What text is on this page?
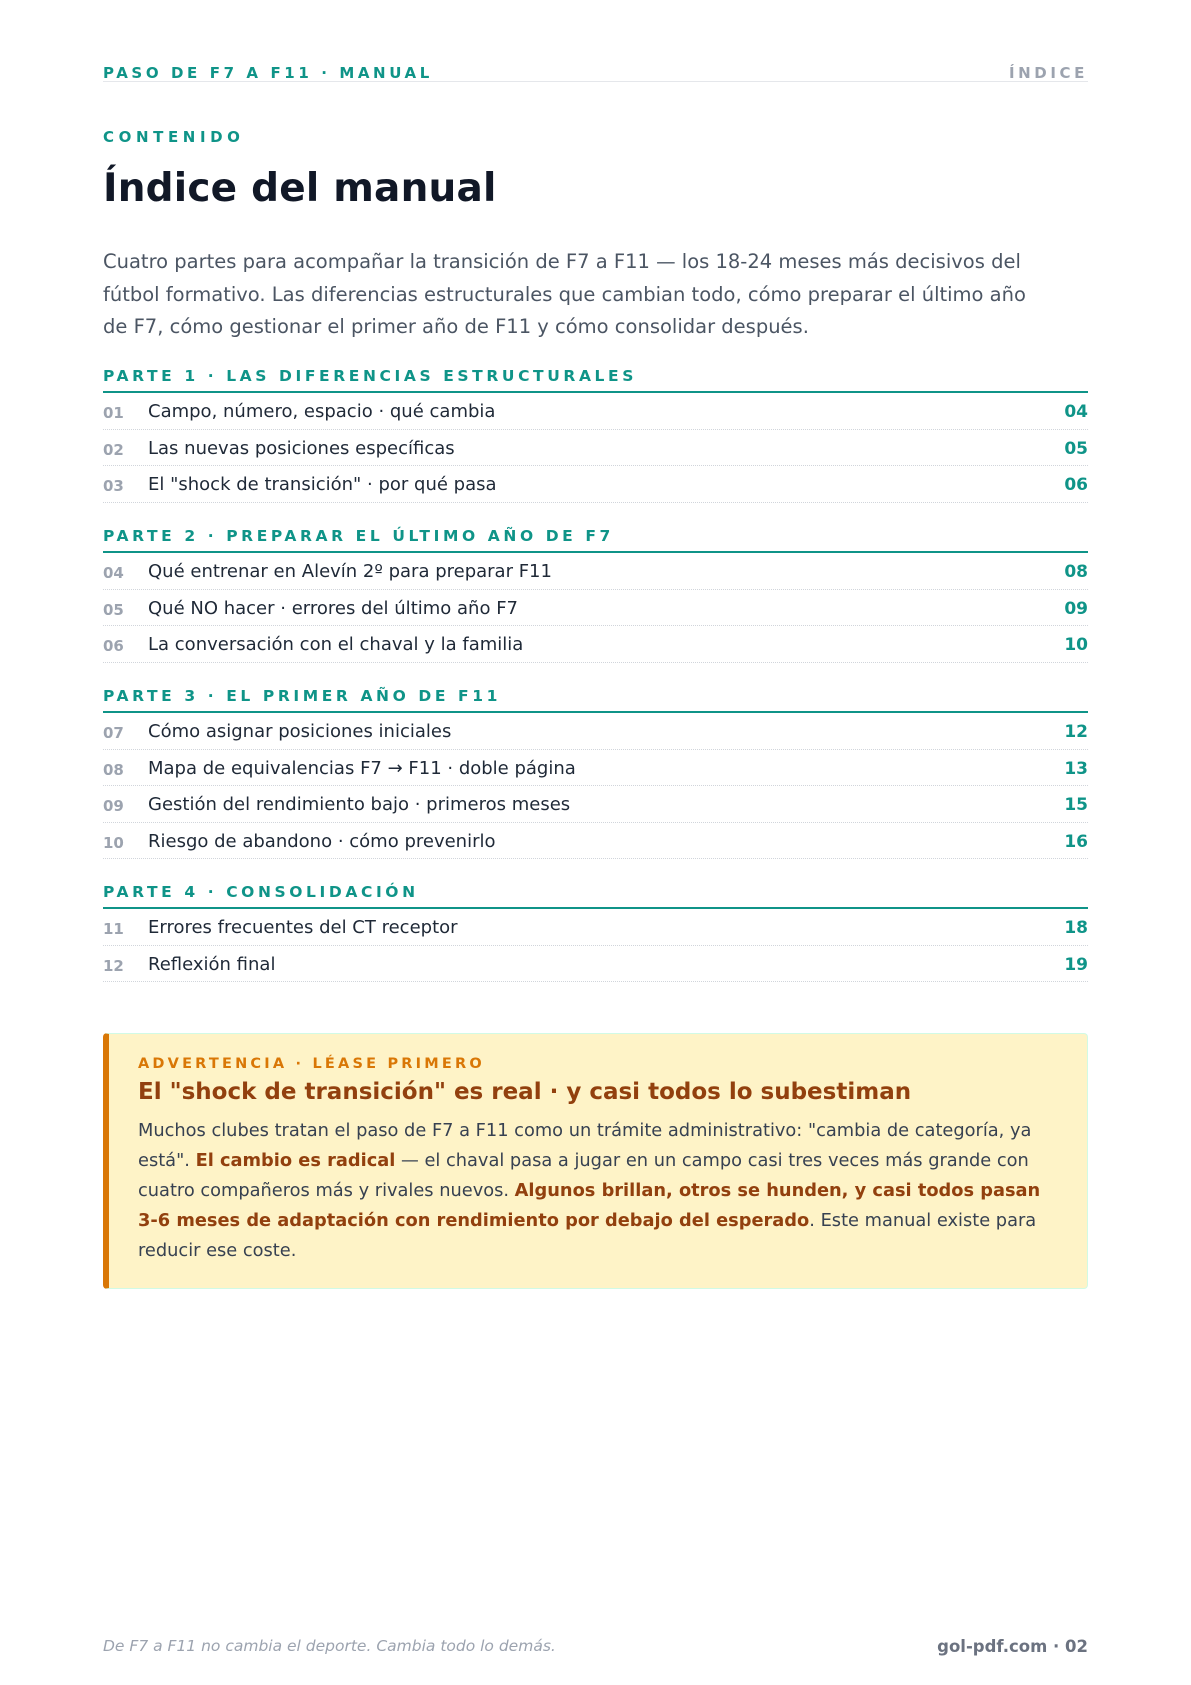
PASO DE F7 A F11 · MANUAL	ÍNDICE
CONTENIDO
Índice del manual

Cuatro partes para acompañar la transición de F7 a F11 — los 18-24 meses más decisivos del fútbol formativo. Las diferencias estructurales que cambian todo, cómo preparar el último año de F7, cómo gestionar el primer año de F11 y cómo consolidar después.

PARTE 1 · LAS DIFERENCIAS ESTRUCTURALES
01 Campo, número, espacio · qué cambia	04
02 Las nuevas posiciones específicas	05
03 El "shock de transición" · por qué pasa	06
PARTE 2 · PREPARAR EL ÚLTIMO AÑO DE F7
04 Qué entrenar en Alevín 2º para preparar F11	08
05 Qué NO hacer · errores del último año F7	09
06 La conversación con el chaval y la familia	10
PARTE 3 · EL PRIMER AÑO DE F11
07 Cómo asignar posiciones iniciales	12
08 Mapa de equivalencias F7 → F11 · doble página	13
09 Gestión del rendimiento bajo · primeros meses	15
10 Riesgo de abandono · cómo prevenirlo	16
PARTE 4 · CONSOLIDACIÓN
11 Errores frecuentes del CT receptor	18
12 Reflexión final	19
ADVERTENCIA · LÉASE PRIMERO
El "shock de transición" es real · y casi todos lo subestiman

Muchos clubes tratan el paso de F7 a F11 como un trámite administrativo: "cambia de categoría, ya está". El cambio es radical — el chaval pasa a jugar en un campo casi tres veces más grande con cuatro compañeros más y rivales nuevos. Algunos brillan, otros se hunden, y casi todos pasan 3-6 meses de adaptación con rendimiento por debajo del esperado. Este manual existe para reducir ese coste.

De F7 a F11 no cambia el deporte. Cambia todo lo demás.	gol-pdf.com · 02
